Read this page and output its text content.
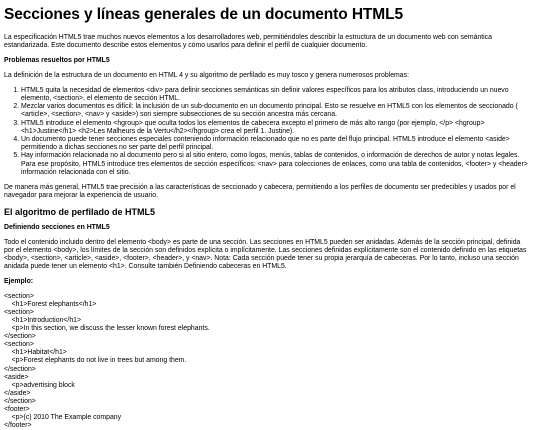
Secciones y líneas generales de un documento HTML5

La especificación HTML5 trae muchos nuevos elementos a los desarrolladores web, permitiéndoles describir la estructura de un documento web con semántica estandarizada. Este documento describe estos elementos y cómo usarlos para definir el perfil de cualquier documento.

Problemas resueltos por HTML5

La definición de la estructura de un documento en HTML 4 y su algoritmo de perfilado es muy tosco y genera numerosos problemas:

1. HTML5 quita la necesidad de elementos <div> para definir secciones semánticas sin definir valores específicos para los atributos class, introduciendo un nuevo elemento, <section>, el elemento de sección HTML.
2. Mezclar varios documentos es difícil: la inclusión de un sub-documento en un documento principal. Esto se resuelve en HTML5 con los elementos de seccionado ( <article>, <section>, <nav> y <aside>) son siempre subsecciones de su sección ancestra más cercana.
3. HTML5 introduce el elemento <hgroup> que oculta todos los elementos de cabecera excepto el primero de más alto rango (por ejemplo, </p> <hgroup><h1>Justine</h1> <h2>Les Malheurs de la Vertu</h2></hgroup> crea el perfil 1. Justine).
4. Un documento puede tener secciones especiales conteniendo información relacionado que no es parte del flujo principal. HTML5 introduce el elemento <aside> permitiendo a dichas secciones no ser parte del perfil principal.
5. Hay información relacionada no al documento pero si al sitio entero, como logos, menús, tablas de contenidos, o información de derechos de autor y notas legales. Para ese propósito, HTML5 introduce tres elementos de sección específicos: <nav> para colecciones de enlaces, como una tabla de contenidos, <footer> y <header> información relacionada con el sitio.

De manera más general, HTML5 trae precisión a las características de seccionado y cabecera, permitiendo a los perfiles de documento ser predecibles y usados por el navegador para mejorar la experiencia de usuario.

El algoritmo de perfilado de HTML5
Definiendo secciones en HTML5

Todo el contenido incluido dentro del elemento <body> es parte de una sección. Las secciones en HTML5 pueden ser anidadas. Además de la sección principal, definida por el elemento <body>, los límites de la sección son definidos explícita o implícitamente. Las secciones definidas explícitamente son el contenido definido en las etiquetas <body>, <section>, <article>, <aside>, <footer>, <header>, y <nav>. Nota: Cada sección puede tener su propia jerarquía de cabeceras. Por lo tanto, incluso una sección anidada puede tener un elemento <h1>. Consulte también Definiendo cabeceras en HTML5.

Ejemplo:
<section>
<h1>Forest elephants</h1>
<section>
<h1>Introduction</h1>
<p>In this section, we discuss the lesser known forest elephants.
</section>
<section>
<h1>Habitat</h1>
<p>Forest elephants do not live in trees but among them.
</section>
<aside>
<p>advertising block
</aside>
</section>
<footer>
<p>(c) 2010 The Example company
</footer>
